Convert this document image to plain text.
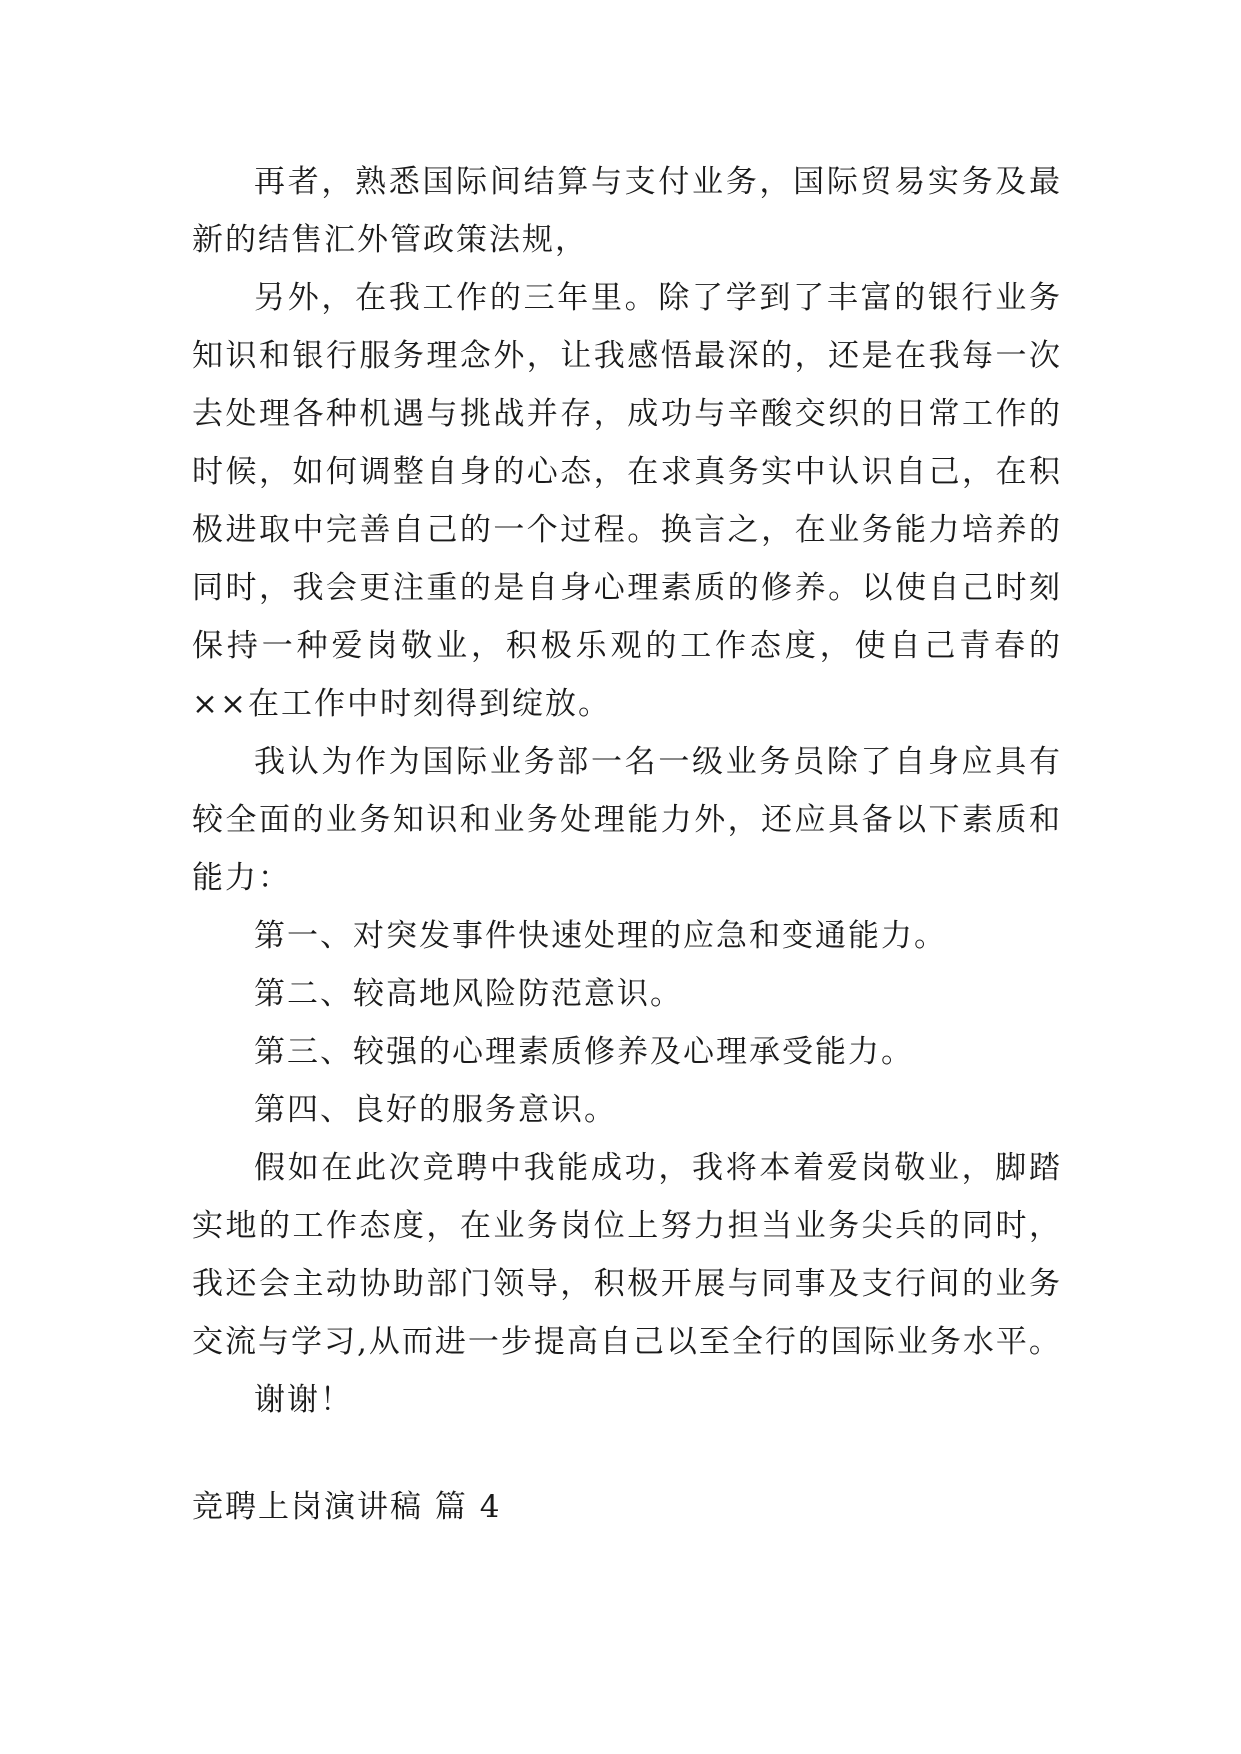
再者，熟悉国际间结算与支付业务，国际贸易实务及最新的结售汇外管政策法规，

另外，在我工作的三年里。除了学到了丰富的银行业务知识和银行服务理念外，让我感悟最深的，还是在我每一次去处理各种机遇与挑战并存，成功与辛酸交织的日常工作的时候，如何调整自身的心态，在求真务实中认识自己，在积极进取中完善自己的一个过程。换言之，在业务能力培养的同时，我会更注重的是自身心理素质的修养。以使自己时刻保持一种爱岗敬业，积极乐观的工作态度，使自己青春的××在工作中时刻得到绽放。

我认为作为国际业务部一名一级业务员除了自身应具有较全面的业务知识和业务处理能力外，还应具备以下素质和能力：

第一、对突发事件快速处理的应急和变通能力。

第二、较高地风险防范意识。

第三、较强的心理素质修养及心理承受能力。

第四、良好的服务意识。

假如在此次竞聘中我能成功，我将本着爱岗敬业，脚踏实地的工作态度，在业务岗位上努力担当业务尖兵的同时，我还会主动协助部门领导，积极开展与同事及支行间的业务交流与学习,从而进一步提高自己以至全行的国际业务水平。

谢谢！

竞聘上岗演讲稿 篇 4
